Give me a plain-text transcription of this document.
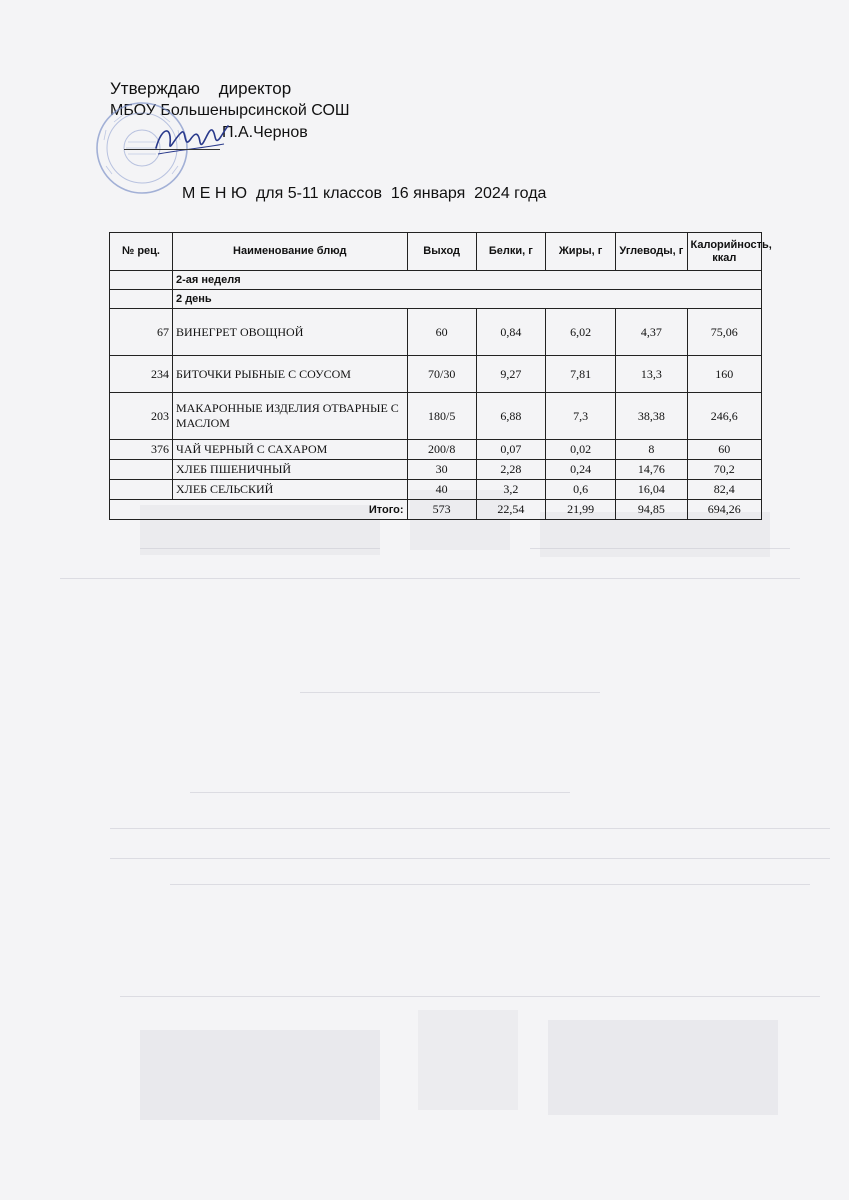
Утверждаю    директор
МБОУ Большенырсинской СОШ
П.А.Чернов
М Е Н Ю  для 5-11 классов  16 января  2024 года
№ рец.	Наименование блюд	Выход	Белки, г	Жиры, г	Углеводы, г	Калорийность, ккал
	2-ая неделя					
	2 день					
67	ВИНЕГРЕТ ОВОЩНОЙ	60	0,84	6,02	4,37	75,06
234	БИТОЧКИ РЫБНЫЕ С СОУСОМ	70/30	9,27	7,81	13,3	160
203	МАКАРОННЫЕ ИЗДЕЛИЯ ОТВАРНЫЕ С МАСЛОМ	180/5	6,88	7,3	38,38	246,6
376	ЧАЙ ЧЕРНЫЙ С САХАРОМ	200/8	0,07	0,02	8	60
	ХЛЕБ ПШЕНИЧНЫЙ	30	2,28	0,24	14,76	70,2
	ХЛЕБ СЕЛЬСКИЙ	40	3,2	0,6	16,04	82,4
Итого:		573	22,54	21,99	94,85	694,26
